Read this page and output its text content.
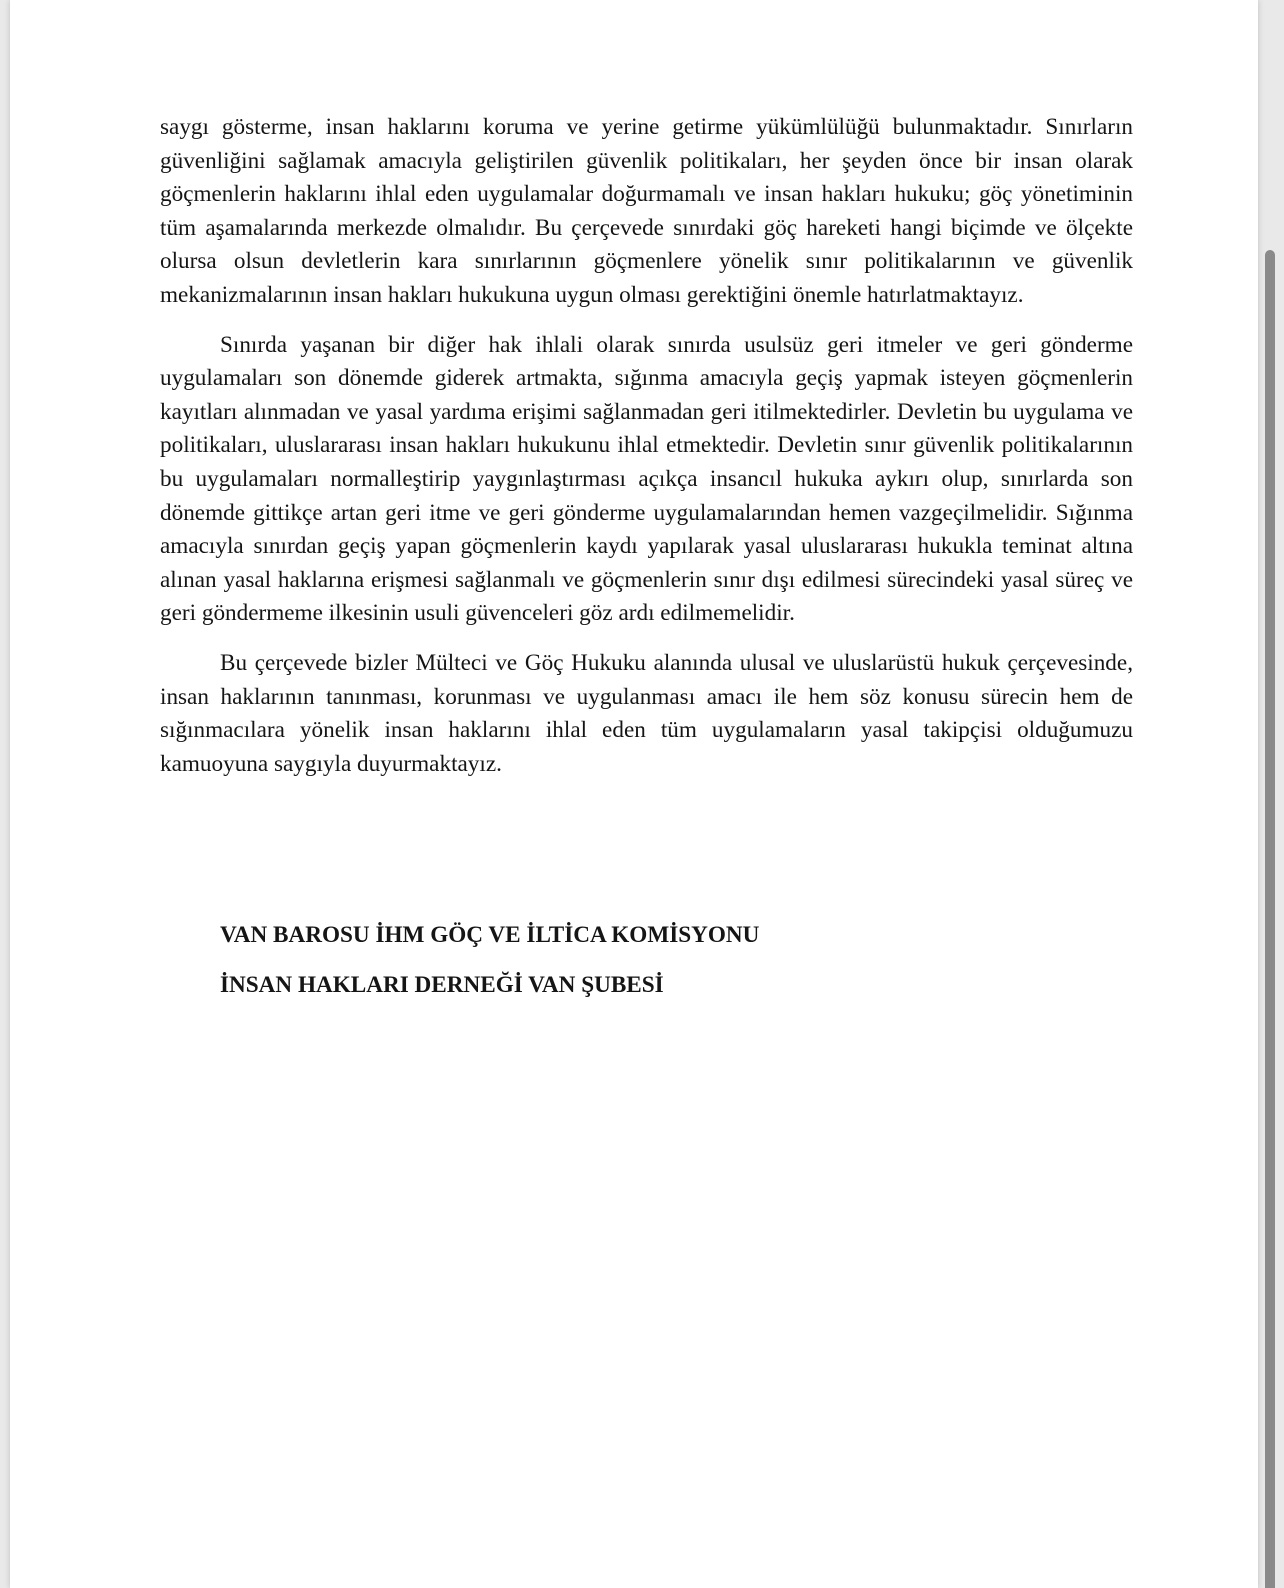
saygı gösterme, insan haklarını koruma ve yerine getirme yükümlülüğü bulunmaktadır. Sınırların güvenliğini sağlamak amacıyla geliştirilen güvenlik politikaları, her şeyden önce bir insan olarak göçmenlerin haklarını ihlal eden uygulamalar doğurmamalı ve insan hakları hukuku; göç yönetiminin tüm aşamalarında merkezde olmalıdır. Bu çerçevede sınırdaki göç hareketi hangi biçimde ve ölçekte olursa olsun devletlerin kara sınırlarının göçmenlere yönelik sınır politikalarının ve güvenlik mekanizmalarının insan hakları hukukuna uygun olması gerektiğini önemle hatırlatmaktayız.

Sınırda yaşanan bir diğer hak ihlali olarak sınırda usulsüz geri itmeler ve geri gönderme uygulamaları son dönemde giderek artmakta, sığınma amacıyla geçiş yapmak isteyen göçmenlerin kayıtları alınmadan ve yasal yardıma erişimi sağlanmadan geri itilmektedirler. Devletin bu uygulama ve politikaları, uluslararası insan hakları hukukunu ihlal etmektedir. Devletin sınır güvenlik politikalarının bu uygulamaları normalleştirip yaygınlaştırması açıkça insancıl hukuka aykırı olup, sınırlarda son dönemde gittikçe artan geri itme ve geri gönderme uygulamalarından hemen vazgeçilmelidir. Sığınma amacıyla sınırdan geçiş yapan göçmenlerin kaydı yapılarak yasal uluslararası hukukla teminat altına alınan yasal haklarına erişmesi sağlanmalı ve göçmenlerin sınır dışı edilmesi sürecindeki yasal süreç ve geri göndermeme ilkesinin usuli güvenceleri göz ardı edilmemelidir.

Bu çerçevede bizler Mülteci ve Göç Hukuku alanında ulusal ve uluslarüstü hukuk çerçevesinde, insan haklarının tanınması, korunması ve uygulanması amacı ile hem söz konusu sürecin hem de sığınmacılara yönelik insan haklarını ihlal eden tüm uygulamaların yasal takipçisi olduğumuzu kamuoyuna saygıyla duyurmaktayız.

VAN BAROSU İHM GÖÇ VE İLTİCA KOMİSYONU
İNSAN HAKLARI DERNEĞİ VAN ŞUBESİ
